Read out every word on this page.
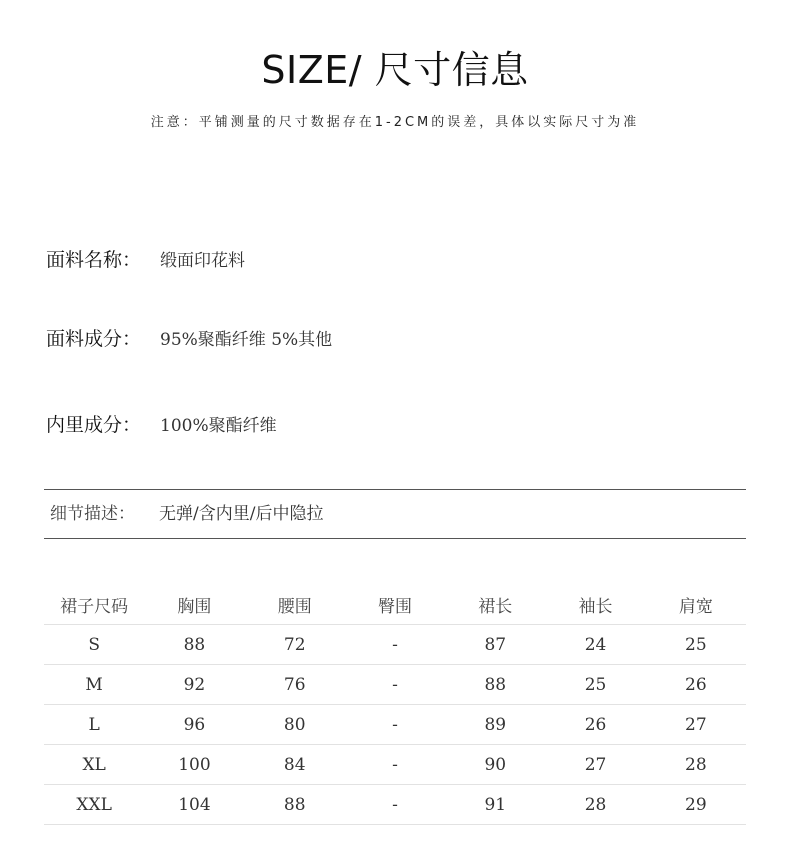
SIZE/ 尺寸信息
注意：平铺测量的尺寸数据存在1-2CM的误差，具体以实际尺寸为准
面料名称： 缎面印花料
面料成分： 95%聚酯纤维 5%其他
内里成分： 100%聚酯纤维
细节描述： 无弹/含内里/后中隐拉
裙子尺码	胸围	腰围	臀围	裙长	袖长	肩宽
S	88	72	-	87	24	25
M	92	76	-	88	25	26
L	96	80	-	89	26	27
XL	100	84	-	90	27	28
XXL	104	88	-	91	28	29
